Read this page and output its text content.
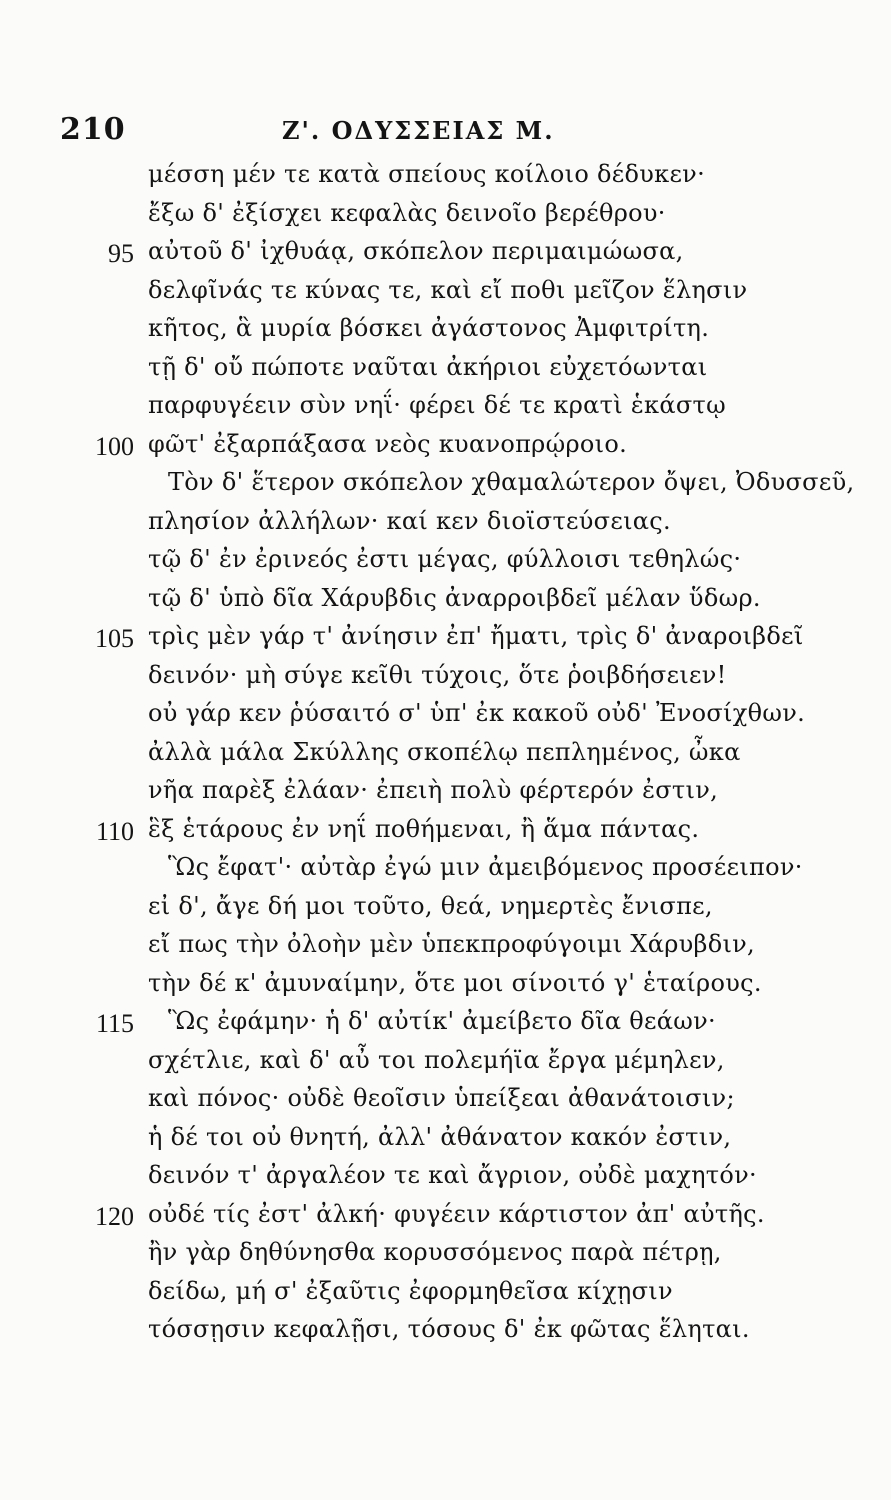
210	Ζ'. ΟΔΥΣΣΕΙΑΣ Μ.
μέσση μέν τε κατὰ σπείους κοίλοιο δέδυκεν·
ἔξω δ' ἐξίσχει κεφαλὰς δεινοῖο βερέθρου·
95 αὐτοῦ δ' ἰχθυάᾳ, σκόπελον περιμαιμώωσα,
δελφῖνάς τε κύνας τε, καὶ εἴ ποθι μεῖζον ἕλησιν
κῆτος, ἃ μυρία βόσκει ἀγάστονος Ἀμφιτρίτη.
τῇ δ' οὔ πώποτε ναῦται ἀκήριοι εὐχετόωνται
παρφυγέειν σὺν νηΐ· φέρει δέ τε κρατὶ ἑκάστῳ
100 φῶτ' ἐξαρπάξασα νεὸς κυανοπρῴροιο.
Τὸν δ' ἕτερον σκόπελον χθαμαλώτερον ὄψει, Ὀδυσσεῦ,
πλησίον ἀλλήλων· καί κεν διοϊστεύσειας.
τῷ δ' ἐν ἐρινεός ἐστι μέγας, φύλλοισι τεθηλώς·
τῷ δ' ὑπὸ δῖα Χάρυβδις ἀναρροιβδεῖ μέλαν ὕδωρ.
105 τρὶς μὲν γάρ τ' ἀνίησιν ἐπ' ἤματι, τρὶς δ' ἀναροιβδεῖ
δεινόν· μὴ σύγε κεῖθι τύχοις, ὅτε ῥοιβδήσειεν!
οὐ γάρ κεν ῥύσαιτό σ' ὑπ' ἐκ κακοῦ οὐδ' Ἐνοσίχθων.
ἀλλὰ μάλα Σκύλλης σκοπέλῳ πεπλημένος, ὦκα
νῆα παρὲξ ἐλάαν· ἐπειὴ πολὺ φέρτερόν ἐστιν,
110 ἓξ ἑτάρους ἐν νηΐ ποθήμεναι, ἢ ἅμα πάντας.
Ὣς ἔφατ'· αὐτὰρ ἐγώ μιν ἀμειβόμενος προσέειπον·
εἰ δ', ἄγε δή μοι τοῦτο, θεά, νημερτὲς ἔνισπε,
εἴ πως τὴν ὀλοὴν μὲν ὑπεκπροφύγοιμι Χάρυβδιν,
τὴν δέ κ' ἀμυναίμην, ὅτε μοι σίνοιτό γ' ἑταίρους.
115 Ὣς ἐφάμην· ἡ δ' αὐτίκ' ἀμείβετο δῖα θεάων·
σχέτλιε, καὶ δ' αὖ τοι πολεμήϊα ἔργα μέμηλεν,
καὶ πόνος· οὐδὲ θεοῖσιν ὑπείξεαι ἀθανάτοισιν;
ἡ δέ τοι οὐ θνητή, ἀλλ' ἀθάνατον κακόν ἐστιν,
δεινόν τ' ἀργαλέον τε καὶ ἄγριον, οὐδὲ μαχητόν·
120 οὐδέ τίς ἐστ' ἀλκή· φυγέειν κάρτιστον ἀπ' αὐτῆς.
ἢν γὰρ δηθύνησθα κορυσσόμενος παρὰ πέτρῃ,
δείδω, μή σ' ἐξαῦτις ἐφορμηθεῖσα κίχῃσιν
τόσσῃσιν κεφαλῇσι, τόσους δ' ἐκ φῶτας ἕληται.
